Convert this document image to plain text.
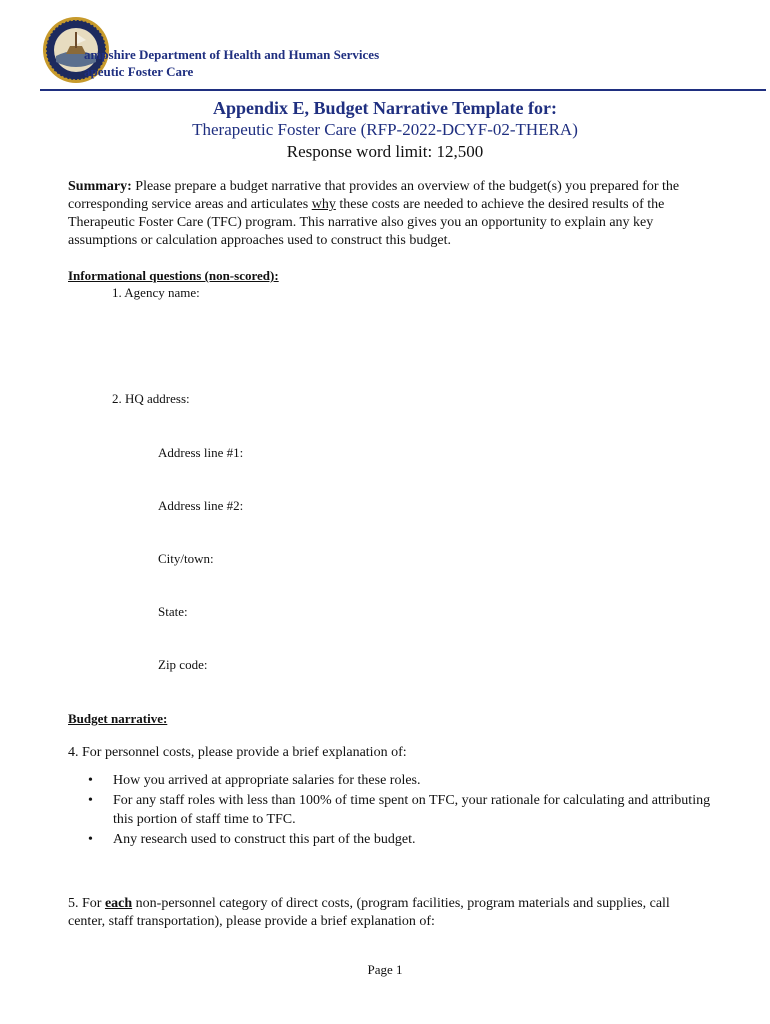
ampshire Department of Health and Human Services
apeutic Foster Care
Appendix E, Budget Narrative Template for:
Therapeutic Foster Care (RFP-2022-DCYF-02-THERA)
Response word limit: 12,500
Summary: Please prepare a budget narrative that provides an overview of the budget(s) you prepared for the corresponding service areas and articulates why these costs are needed to achieve the desired results of the Therapeutic Foster Care (TFC) program. This narrative also gives you an opportunity to explain any key assumptions or calculation approaches used to construct this budget.
Informational questions (non-scored):
1. Agency name:
2. HQ address:
Address line #1:
Address line #2:
City/town:
State:
Zip code:
Budget narrative:
4. For personnel costs, please provide a brief explanation of:
• How you arrived at appropriate salaries for these roles.
• For any staff roles with less than 100% of time spent on TFC, your rationale for calculating and attributing this portion of staff time to TFC.
• Any research used to construct this part of the budget.
5. For each non-personnel category of direct costs, (program facilities, program materials and supplies, call center, staff transportation), please provide a brief explanation of:
Page 1
